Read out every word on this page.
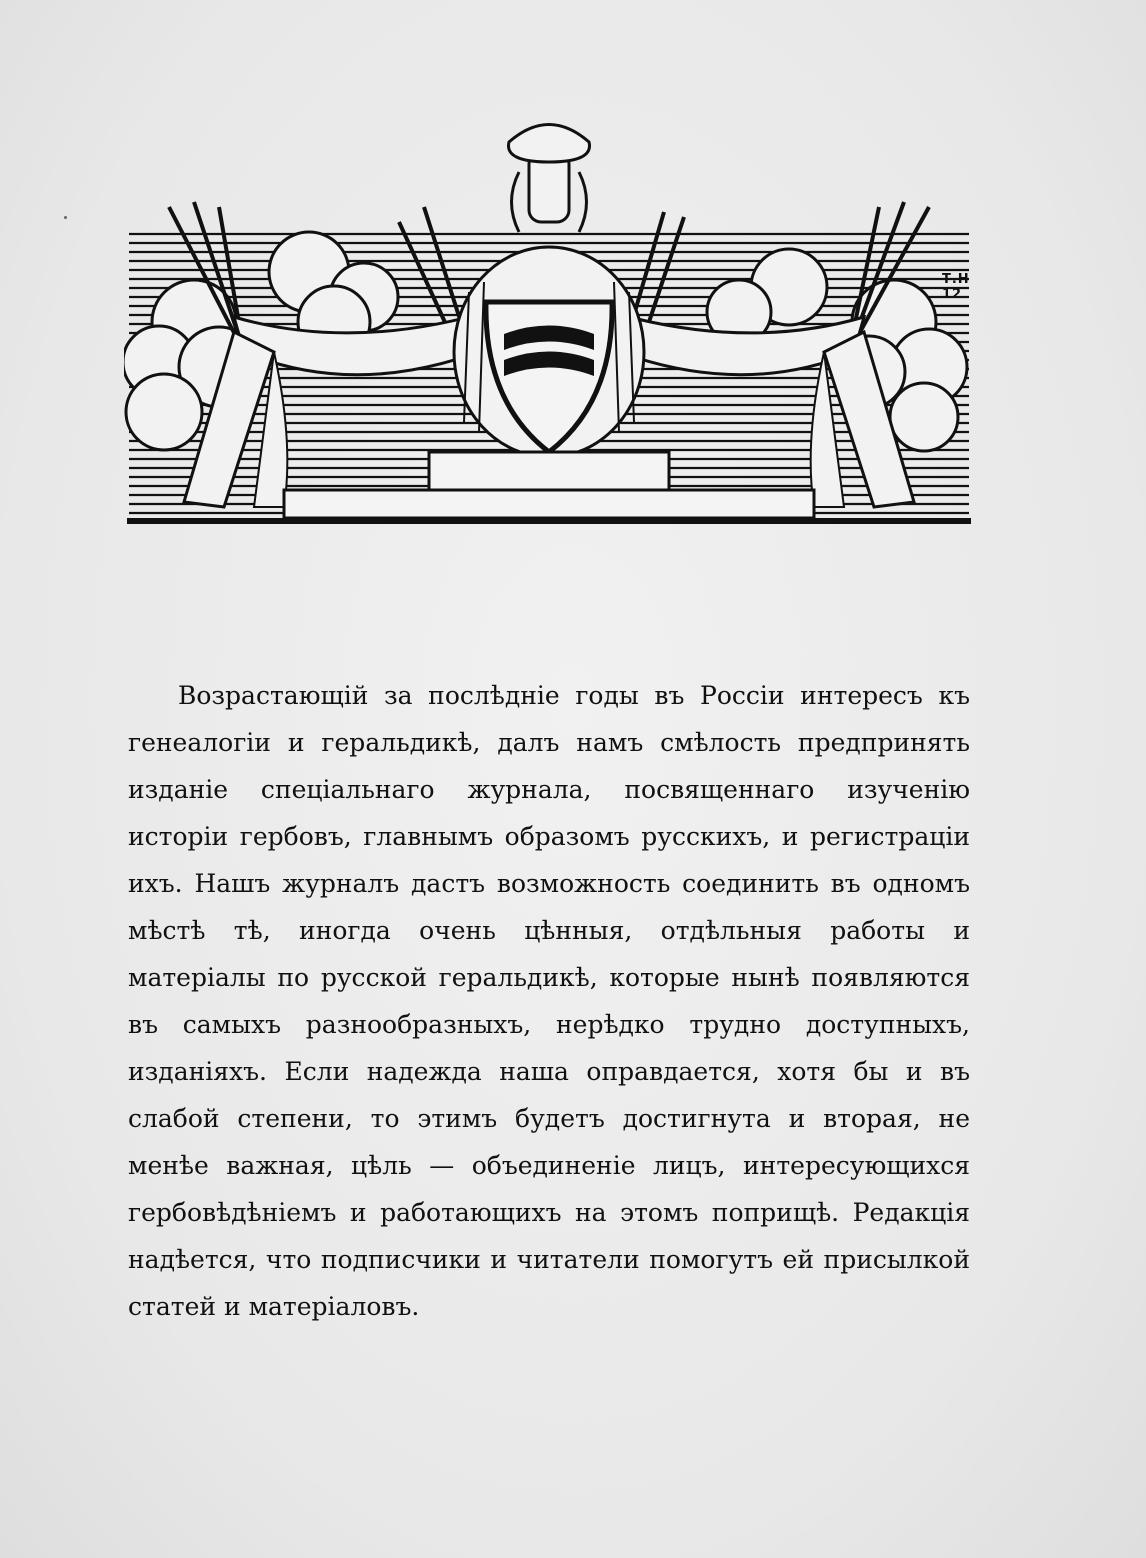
Т.Н 12

Возрастающій за послѣдніе годы въ Россіи интересъ къ генеалогіи и геральдикѣ, далъ намъ смѣлость предпринять изданіе спеціальнаго журнала, посвященнаго изученію исторіи гербовъ, главнымъ образомъ русскихъ, и регистраціи ихъ. Нашъ журналъ дастъ возможность соединить въ одномъ мѣстѣ тѣ, иногда очень цѣнныя, отдѣльныя работы и матеріалы по русской геральдикѣ, которые нынѣ появляются въ самыхъ разнообразныхъ, нерѣдко трудно доступныхъ, изданіяхъ. Если надежда наша оправдается, хотя бы и въ слабой степени, то этимъ будетъ достигнута и вторая, не менѣе важная, цѣль — объединеніе лицъ, интересующихся гербовѣдѣніемъ и работающихъ на этомъ поприщѣ. Редакція надѣется, что подписчики и читатели помогутъ ей присылкой статей и матеріаловъ.
